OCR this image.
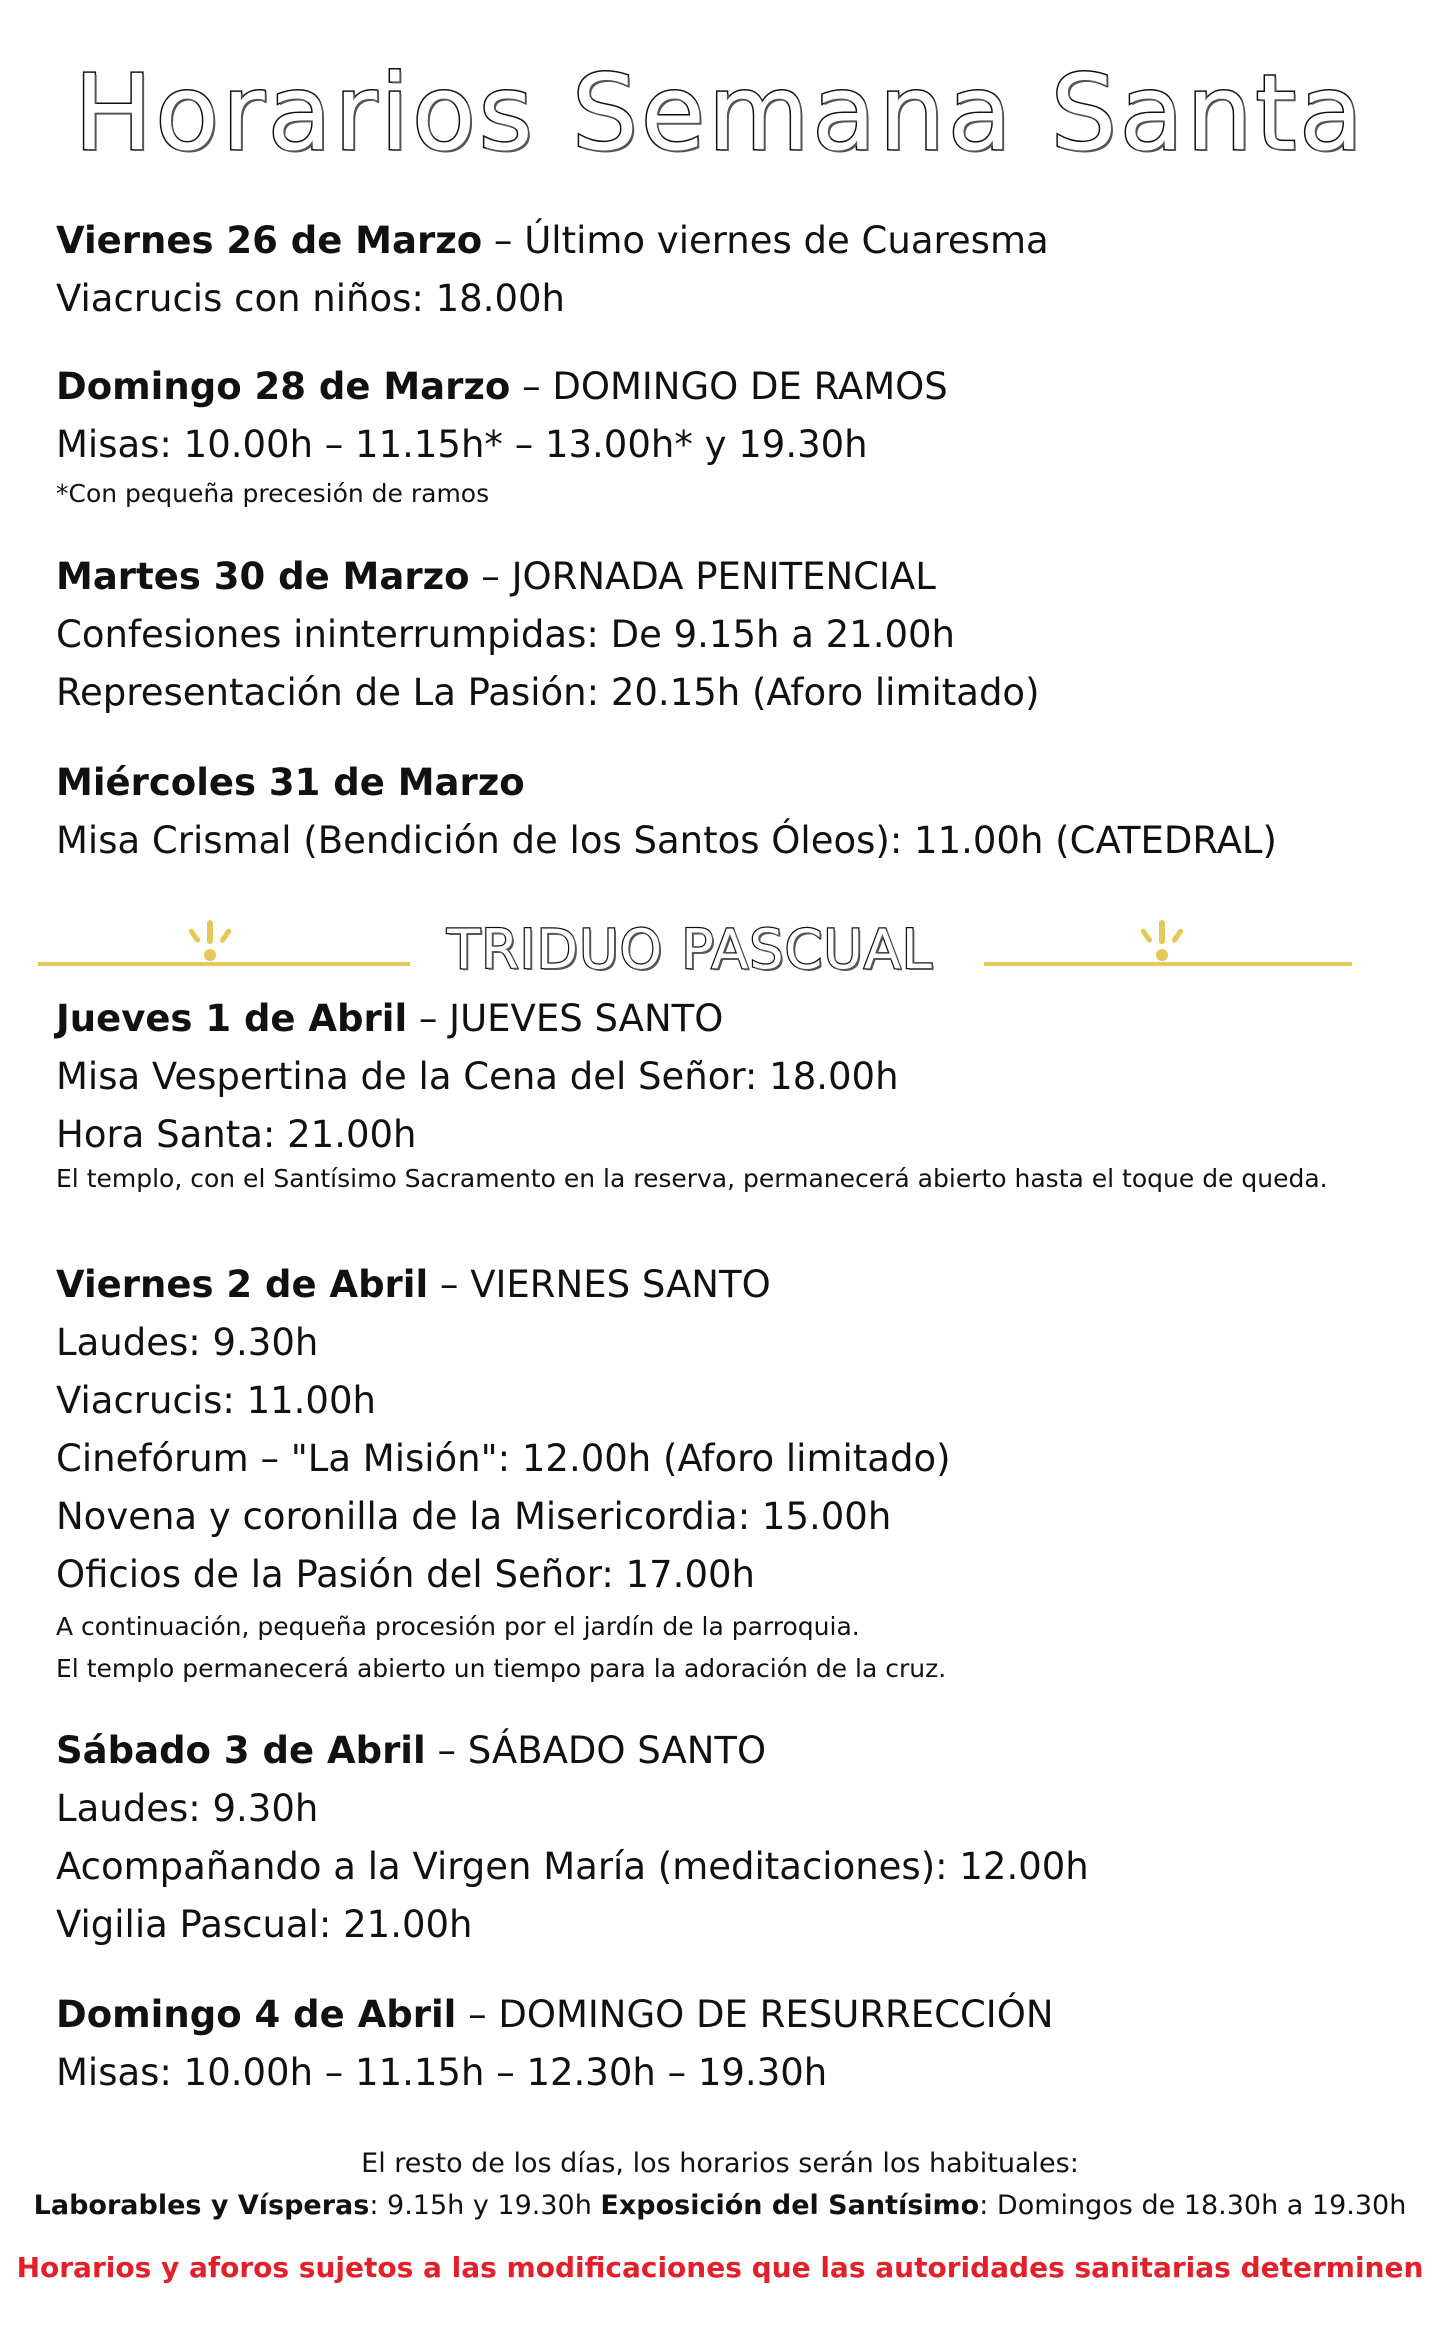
Horarios Semana Santa

Viernes 26 de Marzo – Último viernes de Cuaresma

Viacrucis con niños: 18.00h

Domingo 28 de Marzo – DOMINGO DE RAMOS

Misas: 10.00h – 11.15h* – 13.00h* y 19.30h

*Con pequeña precesión de ramos

Martes 30 de Marzo – JORNADA PENITENCIAL

Confesiones ininterrumpidas: De 9.15h a 21.00h

Representación de La Pasión: 20.15h (Aforo limitado)

Miércoles 31 de Marzo

Misa Crismal (Bendición de los Santos Óleos): 11.00h (CATEDRAL)

TRIDUO PASCUAL

Jueves 1 de Abril – JUEVES SANTO

Misa Vespertina de la Cena del Señor: 18.00h

Hora Santa: 21.00h

El templo, con el Santísimo Sacramento en la reserva, permanecerá abierto hasta el toque de queda.

Viernes 2 de Abril – VIERNES SANTO

Laudes: 9.30h

Viacrucis: 11.00h

Cinefórum – "La Misión": 12.00h (Aforo limitado)

Novena y coronilla de la Misericordia: 15.00h

Oficios de la Pasión del Señor: 17.00h

A continuación, pequeña procesión por el jardín de la parroquia.

El templo permanecerá abierto un tiempo para la adoración de la cruz.

Sábado 3 de Abril – SÁBADO SANTO

Laudes: 9.30h

Acompañando a la Virgen María (meditaciones): 12.00h

Vigilia Pascual: 21.00h

Domingo 4 de Abril – DOMINGO DE RESURRECCIÓN

Misas: 10.00h – 11.15h – 12.30h – 19.30h

El resto de los días, los horarios serán los habituales:
Laborables y Vísperas: 9.15h y 19.30h Exposición del Santísimo: Domingos de 18.30h a 19.30h
Horarios y aforos sujetos a las modificaciones que las autoridades sanitarias determinen
